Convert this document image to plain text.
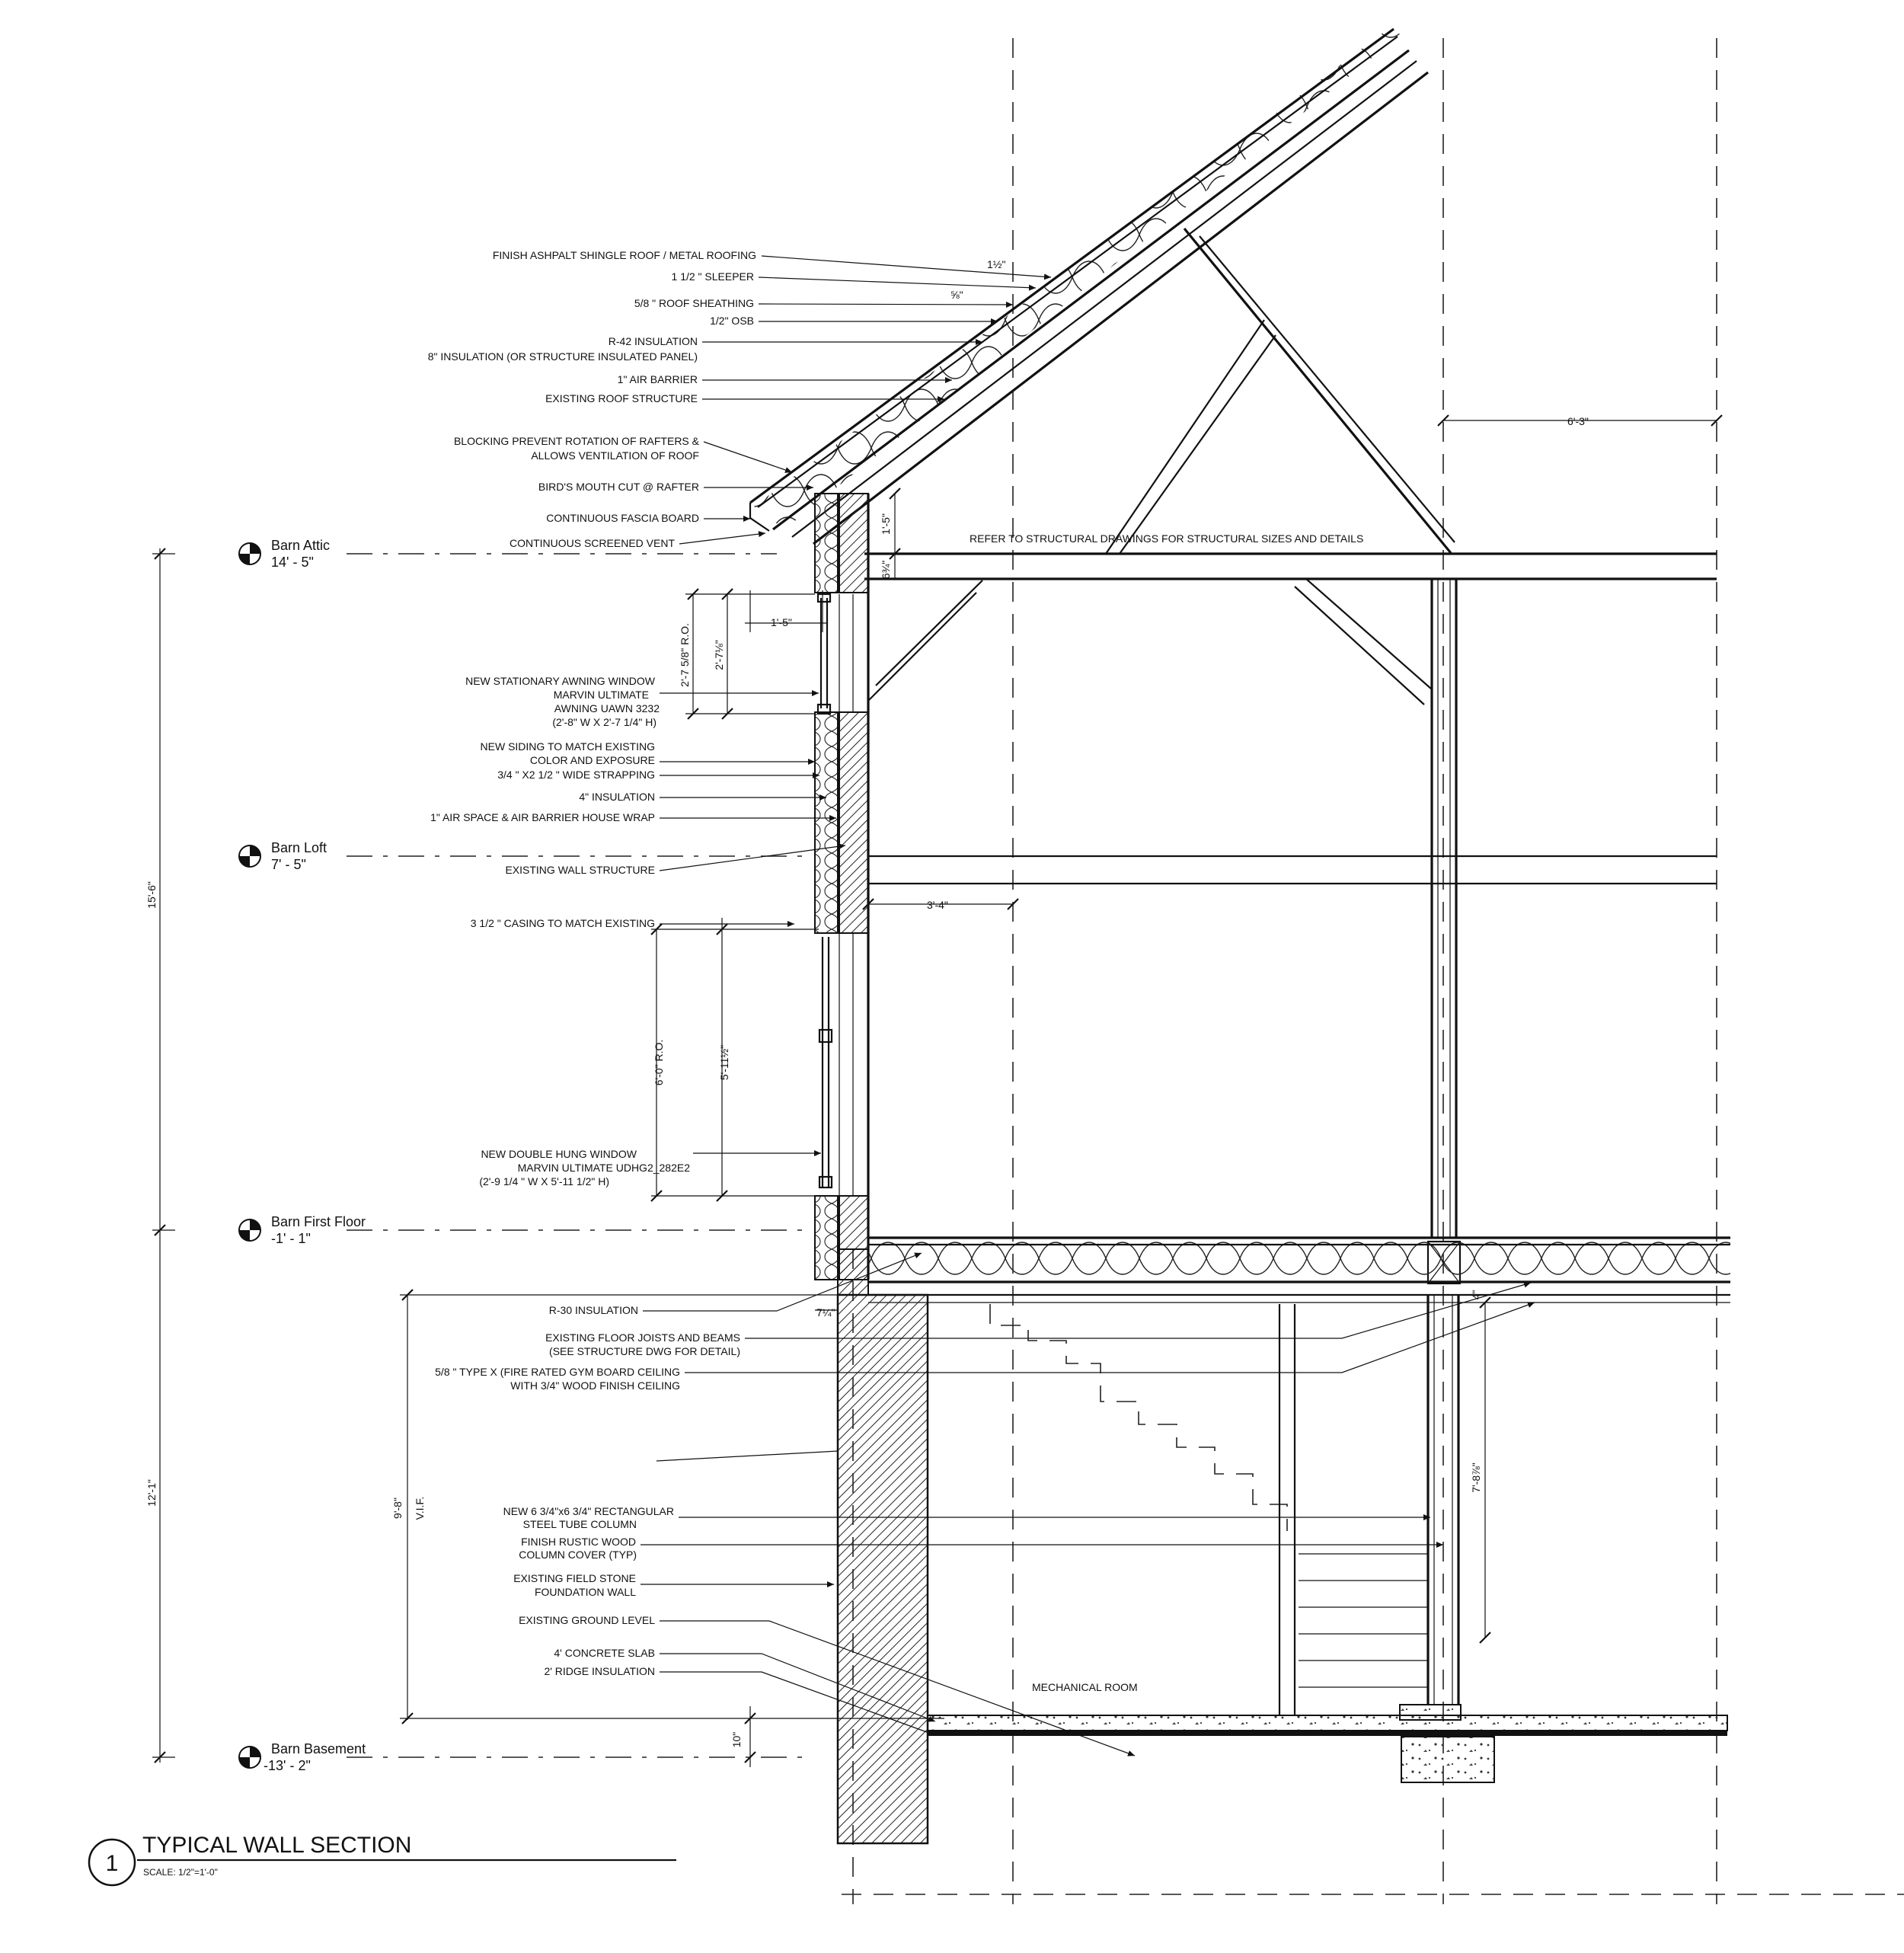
Barn Attic
14' - 5"
Barn Loft
7' - 5"
Barn First Floor
-1' - 1"
Barn Basement
-13' - 2"
15'-6"
12'-1"
9'-8" V.I.F.
10"
2'-7 5/8" R.O. 2'-7⅛"
1'-5"
6'-0" R.O.	5'-11½"
6'-3"
3'-4"
1'-5"
6¾"
7'-8⅞"
4"
7¼"
1½"
⅝"
FINISH ASHPALT SHINGLE ROOF / METAL ROOFING
1 1/2 " SLEEPER
5/8 " ROOF SHEATHING
1/2" OSB
R-42 INSULATION
8" INSULATION (OR STRUCTURE INSULATED PANEL)
1" AIR BARRIER
EXISTING ROOF STRUCTURE
BLOCKING PREVENT ROTATION OF RAFTERS &
ALLOWS VENTILATION OF ROOF
BIRD'S MOUTH CUT @ RAFTER
CONTINUOUS FASCIA BOARD
CONTINUOUS SCREENED VENT	REFER TO STRUCTURAL DRAWINGS FOR STRUCTURAL SIZES AND DETAILS
NEW STATIONARY AWNING WINDOW
MARVIN ULTIMATE
AWNING UAWN 3232
(2'-8" W X 2'-7 1/4" H)
NEW SIDING TO MATCH EXISTING
COLOR AND EXPOSURE
3/4 " X2 1/2 " WIDE STRAPPING
4" INSULATION
1" AIR SPACE & AIR BARRIER HOUSE WRAP
EXISTING WALL STRUCTURE
3 1/2 " CASING TO MATCH EXISTING
NEW DOUBLE HUNG WINDOW
MARVIN ULTIMATE UDHG2_282E2
(2'-9 1/4 " W X 5'-11 1/2" H)
R-30 INSULATION
EXISTING FLOOR JOISTS AND BEAMS
(SEE STRUCTURE DWG FOR DETAIL)
5/8 " TYPE X (FIRE RATED GYM BOARD CEILING
WITH 3/4" WOOD FINISH CEILING
NEW 6 3/4"x6 3/4" RECTANGULAR
STEEL TUBE COLUMN
FINISH RUSTIC WOOD
COLUMN COVER (TYP)
EXISTING FIELD STONE
FOUNDATION WALL
EXISTING GROUND LEVEL
4' CONCRETE SLAB
2' RIDGE INSULATION
MECHANICAL ROOM
1
TYPICAL WALL SECTION
SCALE: 1/2"=1'-0"
